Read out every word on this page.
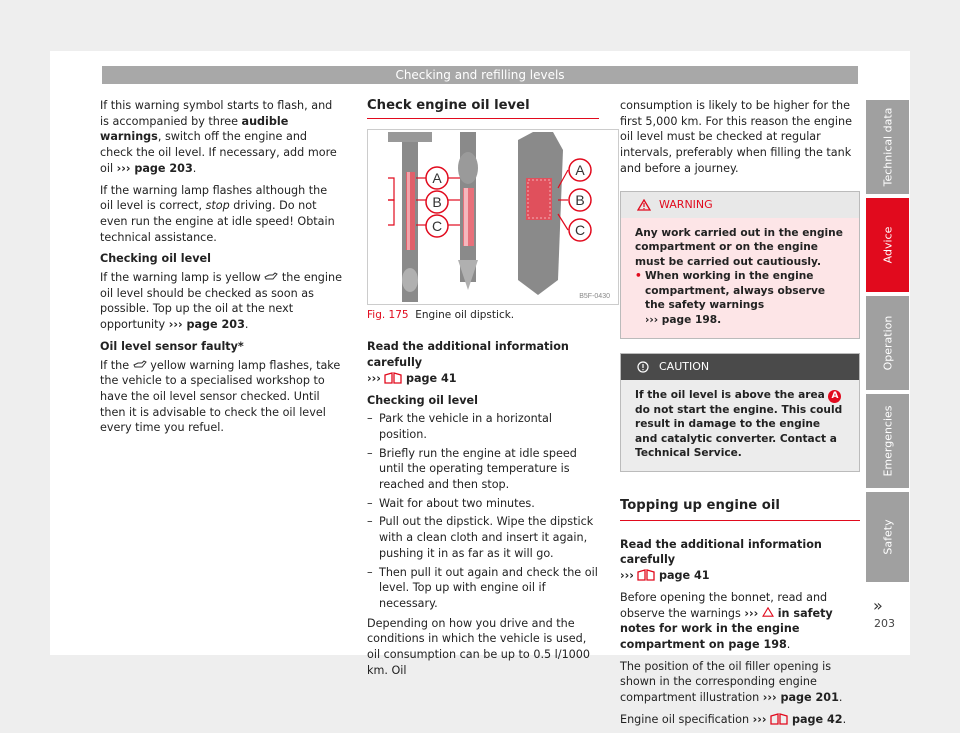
Checking and refilling levels
Technical data
Advice
Operation
Emergencies
Safety

If this warning symbol starts to flash, and is accompanied by three audible warnings, switch off the engine and check the oil level. If necessary, add more oil ››› page 203.

If the warning lamp flashes although the oil level is correct, stop driving. Do not even run the engine at idle speed! Obtain technical assistance.

Checking oil level

If the warning lamp is yellow  the engine oil level should be checked as soon as possible. Top up the oil at the next opportunity ››› page 203.

Oil level sensor faulty*

If the  yellow warning lamp flashes, take the vehicle to a specialised workshop to have the oil level sensor checked. Until then it is advisable to check the oil level every time you refuel.

Check engine oil level
A
B
C
A
B
C
B5F-0430
Fig. 175 Engine oil dipstick.

Read the additional information carefully

››› page 41

Checking oil level

– Park the vehicle in a horizontal position.
– Briefly run the engine at idle speed until the operating temperature is reached and then stop.
– Wait for about two minutes.
– Pull out the dipstick. Wipe the dipstick with a clean cloth and insert it again, pushing it in as far as it will go.
– Then pull it out again and check the oil level. Top up with engine oil if necessary.

Depending on how you drive and the conditions in which the vehicle is used, oil consumption can be up to 0.5 l/1000 km. Oil

consumption is likely to be higher for the first 5,000 km. For this reason the engine oil level must be checked at regular intervals, preferably when filling the tank and before a journey.

WARNING
Any work carried out in the engine compartment or on the engine must be carried out cautiously.
• When working in the engine compartment, always observe the safety warnings
››› page 198.
CAUTION
If the oil level is above the area A do not start the engine. This could result in damage to the engine and catalytic converter. Contact a Technical Service.
Topping up engine oil

Read the additional information carefully

››› page 41

Before opening the bonnet, read and observe the warnings ›››  in safety notes for work in the engine compartment on page 198.

The position of the oil filler opening is shown in the corresponding engine compartment illustration ››› page 201.

Engine oil specification ›››  page 42.

»
203
